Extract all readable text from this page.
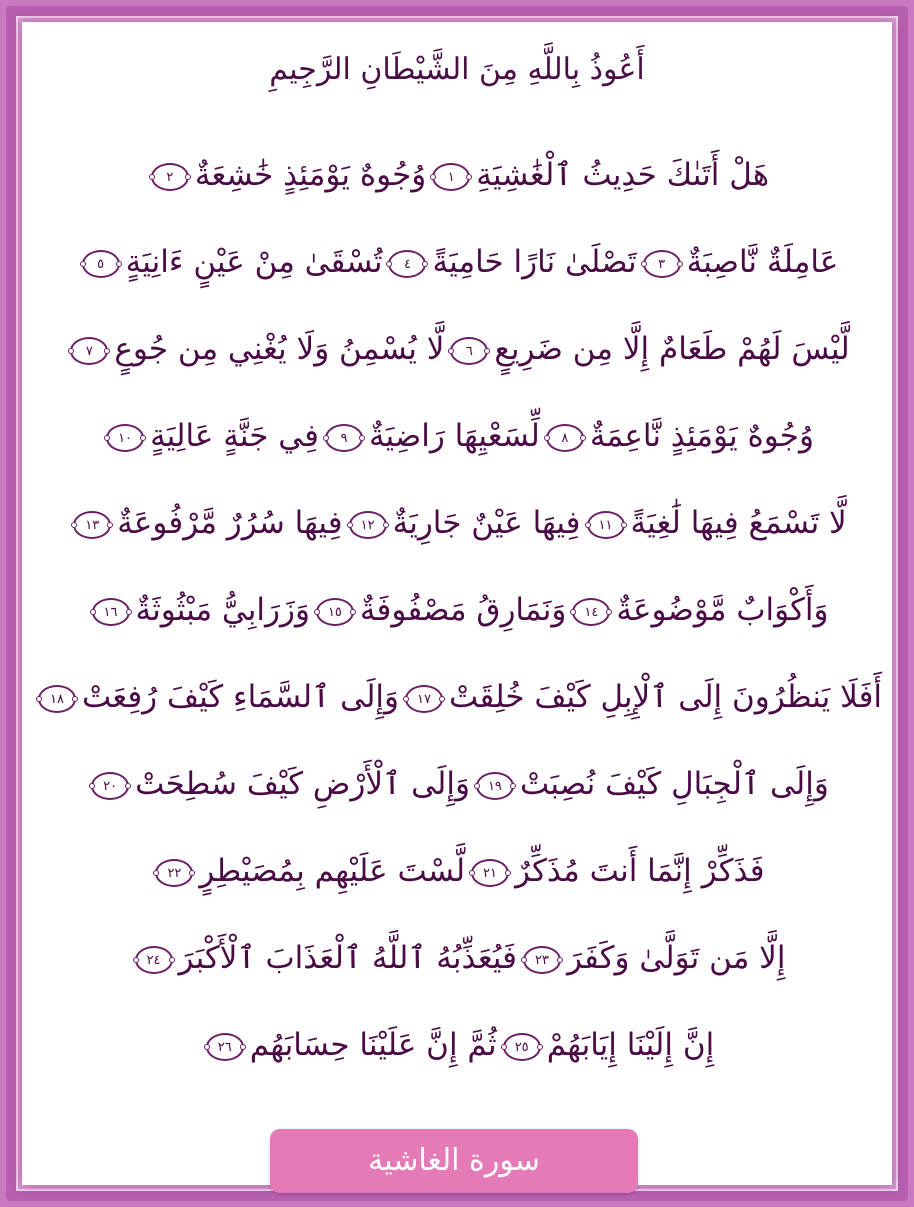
أَعُوذُ بِاللَّهِ مِنَ الشَّيْطَانِ الرَّجِيمِ
هَلْ أَتَىٰكَ حَدِيثُ ٱلْغَٰشِيَةِ١وُجُوهٌ يَوْمَئِذٍ خَٰشِعَةٌ٢
عَامِلَةٌ نَّاصِبَةٌ٣تَصْلَىٰ نَارًا حَامِيَةً٤تُسْقَىٰ مِنْ عَيْنٍ ءَانِيَةٍ٥
لَّيْسَ لَهُمْ طَعَامٌ إِلَّا مِن ضَرِيعٍ٦لَّا يُسْمِنُ وَلَا يُغْنِي مِن جُوعٍ٧
وُجُوهٌ يَوْمَئِذٍ نَّاعِمَةٌ٨لِّسَعْيِهَا رَاضِيَةٌ٩فِي جَنَّةٍ عَالِيَةٍ١٠
لَّا تَسْمَعُ فِيهَا لَٰغِيَةً١١فِيهَا عَيْنٌ جَارِيَةٌ١٢فِيهَا سُرُرٌ مَّرْفُوعَةٌ١٣
وَأَكْوَابٌ مَّوْضُوعَةٌ١٤وَنَمَارِقُ مَصْفُوفَةٌ١٥وَزَرَابِيُّ مَبْثُوثَةٌ١٦
أَفَلَا يَنظُرُونَ إِلَى ٱلْإِبِلِ كَيْفَ خُلِقَتْ١٧وَإِلَى ٱلسَّمَاءِ كَيْفَ رُفِعَتْ١٨
وَإِلَى ٱلْجِبَالِ كَيْفَ نُصِبَتْ١٩وَإِلَى ٱلْأَرْضِ كَيْفَ سُطِحَتْ٢٠
فَذَكِّرْ إِنَّمَا أَنتَ مُذَكِّرٌ٢١لَّسْتَ عَلَيْهِم بِمُصَيْطِرٍ٢٢
إِلَّا مَن تَوَلَّىٰ وَكَفَرَ٢٣فَيُعَذِّبُهُ ٱللَّهُ ٱلْعَذَابَ ٱلْأَكْبَرَ٢٤
إِنَّ إِلَيْنَا إِيَابَهُمْ٢٥ثُمَّ إِنَّ عَلَيْنَا حِسَابَهُم٢٦
سورة الغاشية
